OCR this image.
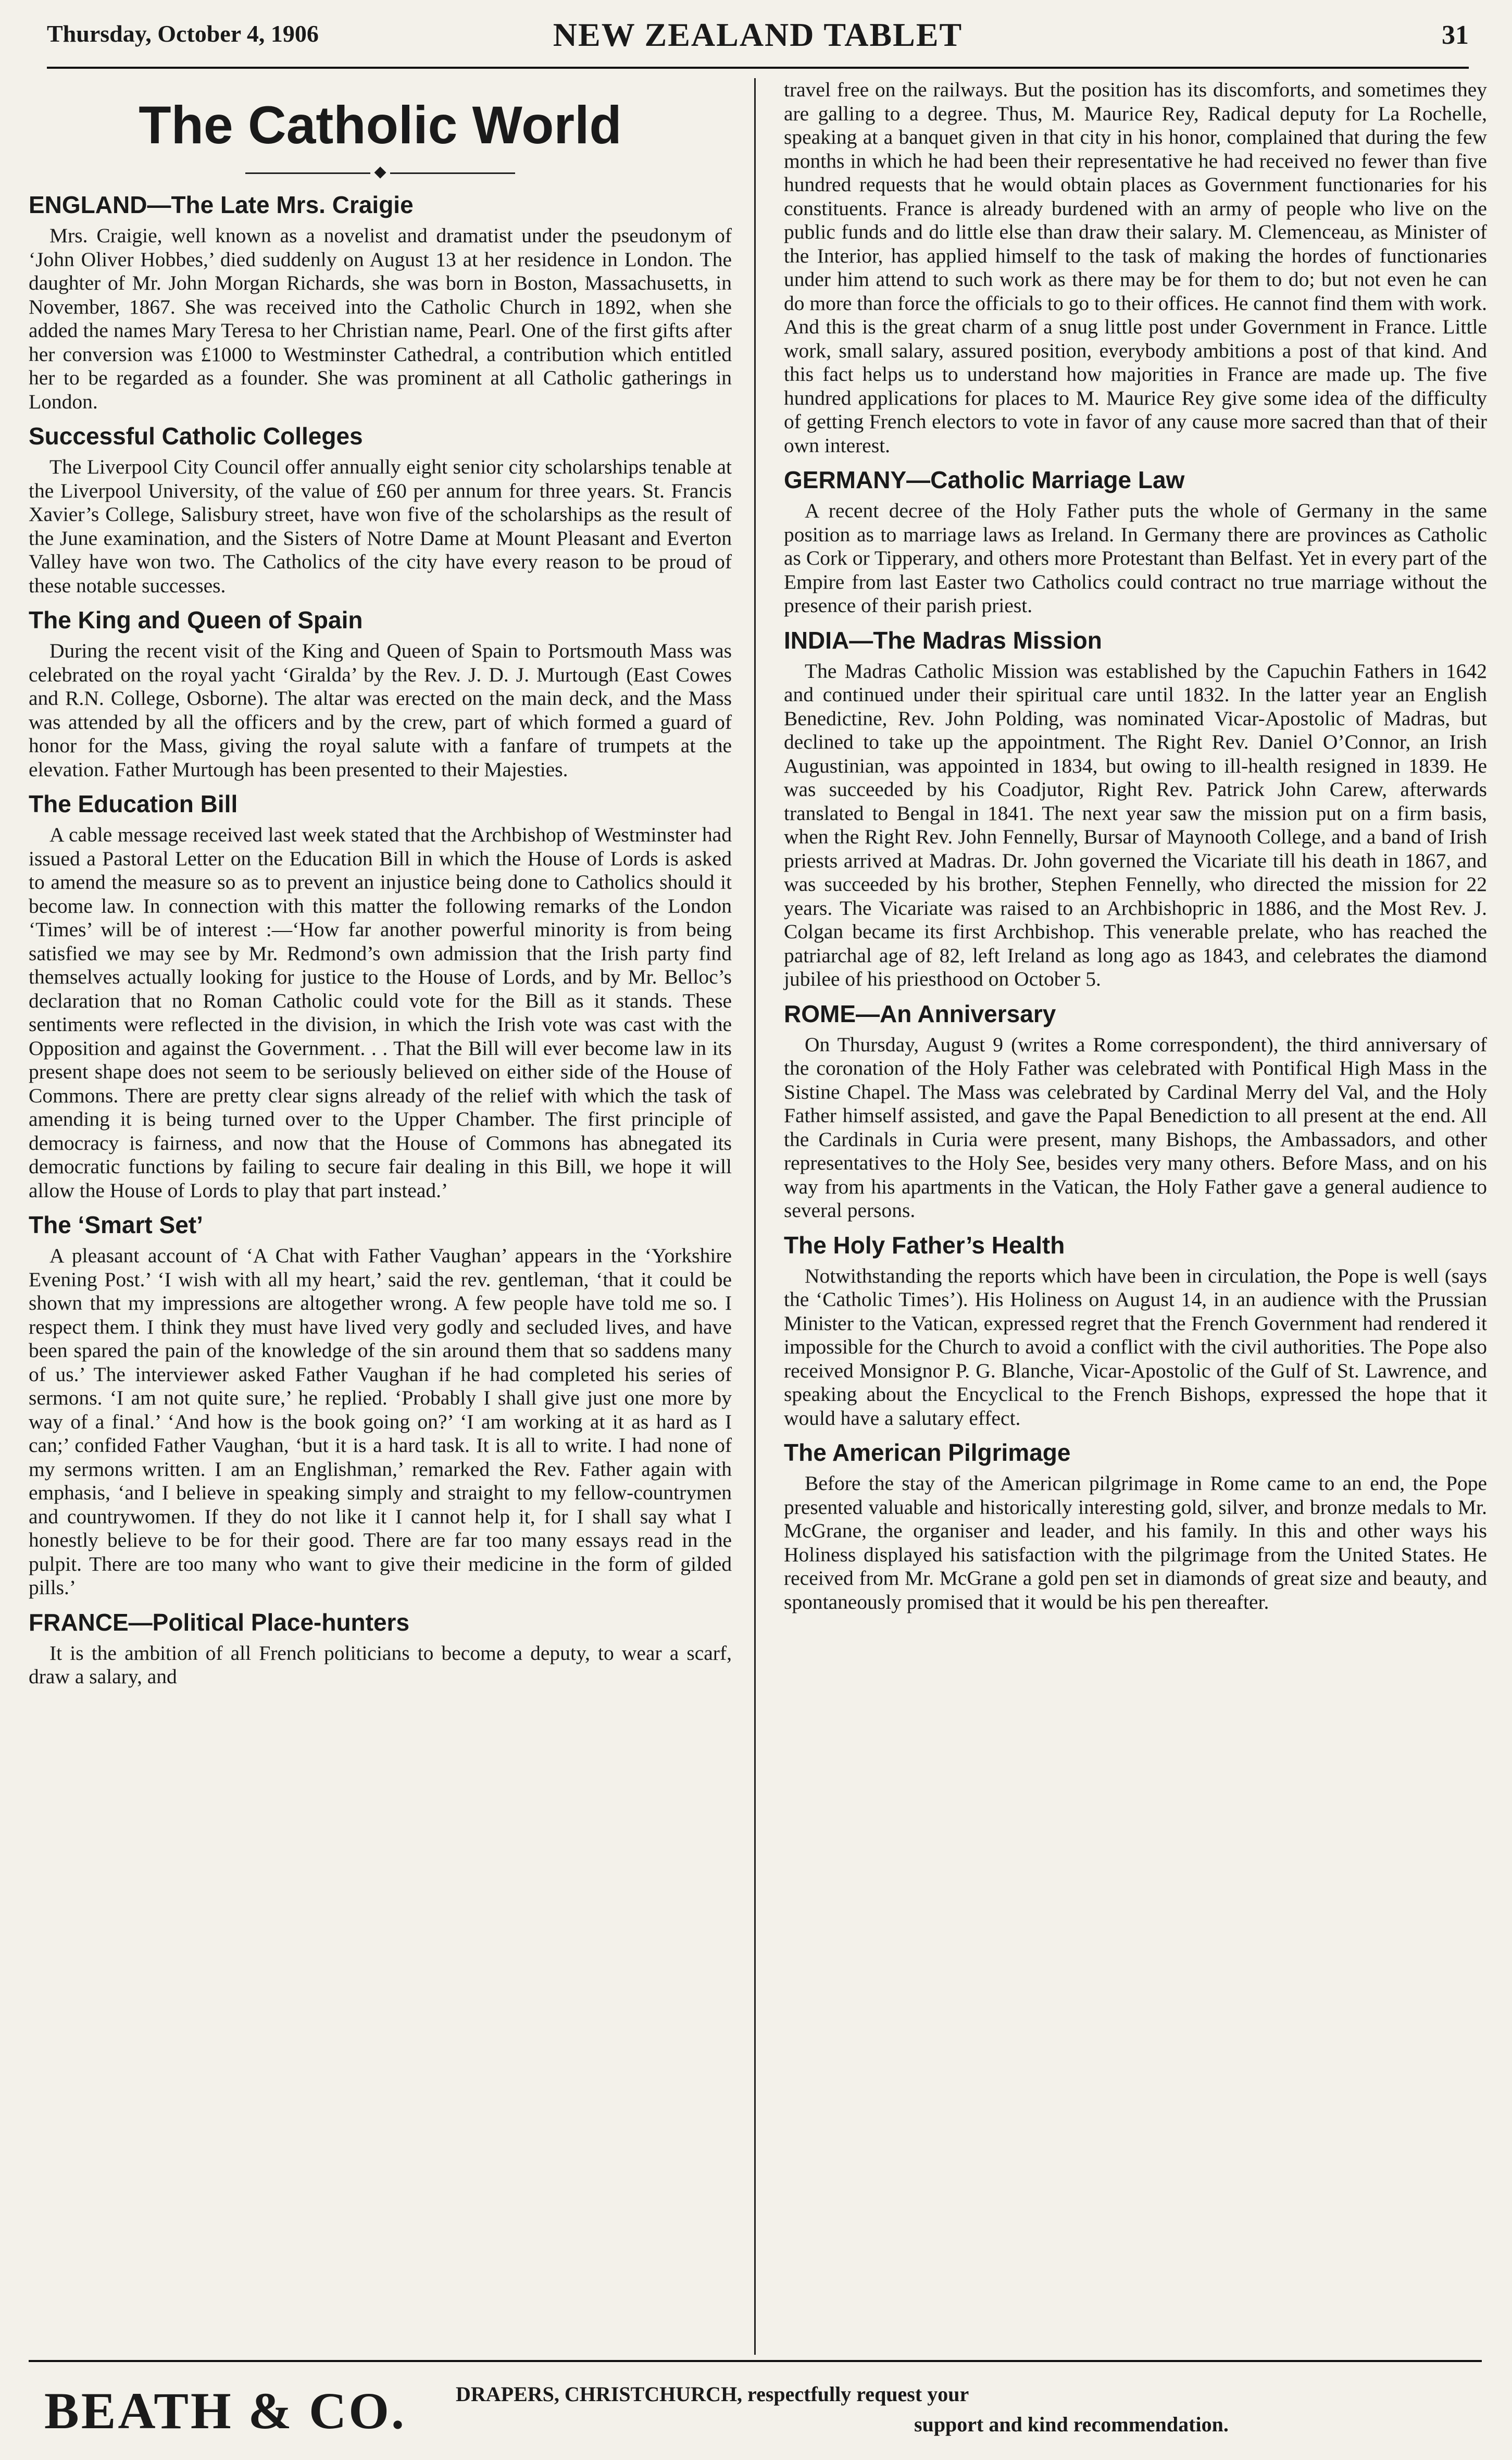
Thursday, October 4, 1906	NEW ZEALAND TABLET	31
The Catholic World
◆
ENGLAND—The Late Mrs. Craigie

Mrs. Craigie, well known as a novelist and dramatist under the pseudonym of ‘John Oliver Hobbes,’ died suddenly on August 13 at her residence in London. The daughter of Mr. John Morgan Richards, she was born in Boston, Massachusetts, in November, 1867. She was received into the Catholic Church in 1892, when she added the names Mary Teresa to her Christian name, Pearl. One of the first gifts after her conversion was £1000 to Westminster Cathedral, a contribution which entitled her to be regarded as a founder. She was prominent at all Catholic gatherings in London.

Successful Catholic Colleges

The Liverpool City Council offer annually eight senior city scholarships tenable at the Liverpool University, of the value of £60 per annum for three years. St. Francis Xavier’s College, Salisbury street, have won five of the scholarships as the result of the June examination, and the Sisters of Notre Dame at Mount Pleasant and Everton Valley have won two. The Catholics of the city have every reason to be proud of these notable successes.

The King and Queen of Spain

During the recent visit of the King and Queen of Spain to Portsmouth Mass was celebrated on the royal yacht ‘Giralda’ by the Rev. J. D. J. Murtough (East Cowes and R.N. College, Osborne). The altar was erected on the main deck, and the Mass was attended by all the officers and by the crew, part of which formed a guard of honor for the Mass, giving the royal salute with a fanfare of trumpets at the elevation. Father Murtough has been presented to their Majesties.

The Education Bill

A cable message received last week stated that the Archbishop of Westminster had issued a Pastoral Letter on the Education Bill in which the House of Lords is asked to amend the measure so as to prevent an injustice being done to Catholics should it become law. In connection with this matter the following remarks of the London ‘Times’ will be of interest :—‘How far another powerful minority is from being satisfied we may see by Mr. Redmond’s own admission that the Irish party find themselves actually looking for justice to the House of Lords, and by Mr. Belloc’s declaration that no Roman Catholic could vote for the Bill as it stands. These sentiments were reflected in the division, in which the Irish vote was cast with the Opposition and against the Government. . . That the Bill will ever become law in its present shape does not seem to be seriously believed on either side of the House of Commons. There are pretty clear signs already of the relief with which the task of amending it is being turned over to the Upper Chamber. The first principle of democracy is fairness, and now that the House of Commons has abnegated its democratic functions by failing to secure fair dealing in this Bill, we hope it will allow the House of Lords to play that part instead.’

The ‘Smart Set’

A pleasant account of ‘A Chat with Father Vaughan’ appears in the ‘Yorkshire Evening Post.’ ‘I wish with all my heart,’ said the rev. gentleman, ‘that it could be shown that my impressions are altogether wrong. A few people have told me so. I respect them. I think they must have lived very godly and secluded lives, and have been spared the pain of the knowledge of the sin around them that so saddens many of us.’ The interviewer asked Father Vaughan if he had completed his series of sermons. ‘I am not quite sure,’ he replied. ‘Probably I shall give just one more by way of a final.’ ‘And how is the book going on?’ ‘I am working at it as hard as I can;’ confided Father Vaughan, ‘but it is a hard task. It is all to write. I had none of my sermons written. I am an Englishman,’ remarked the Rev. Father again with emphasis, ‘and I believe in speaking simply and straight to my fellow-countrymen and countrywomen. If they do not like it I cannot help it, for I shall say what I honestly believe to be for their good. There are far too many essays read in the pulpit. There are too many who want to give their medicine in the form of gilded pills.’

FRANCE—Political Place-hunters

It is the ambition of all French politicians to become a deputy, to wear a scarf, draw a salary, and

travel free on the railways. But the position has its discomforts, and sometimes they are galling to a degree. Thus, M. Maurice Rey, Radical deputy for La Rochelle, speaking at a banquet given in that city in his honor, complained that during the few months in which he had been their representative he had received no fewer than five hundred requests that he would obtain places as Government functionaries for his constituents. France is already burdened with an army of people who live on the public funds and do little else than draw their salary. M. Clemenceau, as Minister of the Interior, has applied himself to the task of making the hordes of functionaries under him attend to such work as there may be for them to do; but not even he can do more than force the officials to go to their offices. He cannot find them with work. And this is the great charm of a snug little post under Government in France. Little work, small salary, assured position, everybody ambitions a post of that kind. And this fact helps us to understand how majorities in France are made up. The five hundred applications for places to M. Maurice Rey give some idea of the difficulty of getting French electors to vote in favor of any cause more sacred than that of their own interest.

GERMANY—Catholic Marriage Law

A recent decree of the Holy Father puts the whole of Germany in the same position as to marriage laws as Ireland. In Germany there are provinces as Catholic as Cork or Tipperary, and others more Protestant than Belfast. Yet in every part of the Empire from last Easter two Catholics could contract no true marriage without the presence of their parish priest.

INDIA—The Madras Mission

The Madras Catholic Mission was established by the Capuchin Fathers in 1642 and continued under their spiritual care until 1832. In the latter year an English Benedictine, Rev. John Polding, was nominated Vicar-Apostolic of Madras, but declined to take up the appointment. The Right Rev. Daniel O’Connor, an Irish Augustinian, was appointed in 1834, but owing to ill-health resigned in 1839. He was succeeded by his Coadjutor, Right Rev. Patrick John Carew, afterwards translated to Bengal in 1841. The next year saw the mission put on a firm basis, when the Right Rev. John Fennelly, Bursar of Maynooth College, and a band of Irish priests arrived at Madras. Dr. John governed the Vicariate till his death in 1867, and was succeeded by his brother, Stephen Fennelly, who directed the mission for 22 years. The Vicariate was raised to an Archbishopric in 1886, and the Most Rev. J. Colgan became its first Archbishop. This venerable prelate, who has reached the patriarchal age of 82, left Ireland as long ago as 1843, and celebrates the diamond jubilee of his priesthood on October 5.

ROME—An Anniversary

On Thursday, August 9 (writes a Rome correspondent), the third anniversary of the coronation of the Holy Father was celebrated with Pontifical High Mass in the Sistine Chapel. The Mass was celebrated by Cardinal Merry del Val, and the Holy Father himself assisted, and gave the Papal Benediction to all present at the end. All the Cardinals in Curia were present, many Bishops, the Ambassadors, and other representatives to the Holy See, besides very many others. Before Mass, and on his way from his apartments in the Vatican, the Holy Father gave a general audience to several persons.

The Holy Father’s Health

Notwithstanding the reports which have been in circulation, the Pope is well (says the ‘Catholic Times’). His Holiness on August 14, in an audience with the Prussian Minister to the Vatican, expressed regret that the French Government had rendered it impossible for the Church to avoid a conflict with the civil authorities. The Pope also received Monsignor P. G. Blanche, Vicar-Apostolic of the Gulf of St. Lawrence, and speaking about the Encyclical to the French Bishops, expressed the hope that it would have a salutary effect.

The American Pilgrimage

Before the stay of the American pilgrimage in Rome came to an end, the Pope presented valuable and historically interesting gold, silver, and bronze medals to Mr. McGrane, the organiser and leader, and his family. In this and other ways his Holiness displayed his satisfaction with the pilgrimage from the United States. He received from Mr. McGrane a gold pen set in diamonds of great size and beauty, and spontaneously promised that it would be his pen thereafter.

BEATH & CO. DRAPERS, CHRISTCHURCH, respectfully request your
support and kind recommendation.
